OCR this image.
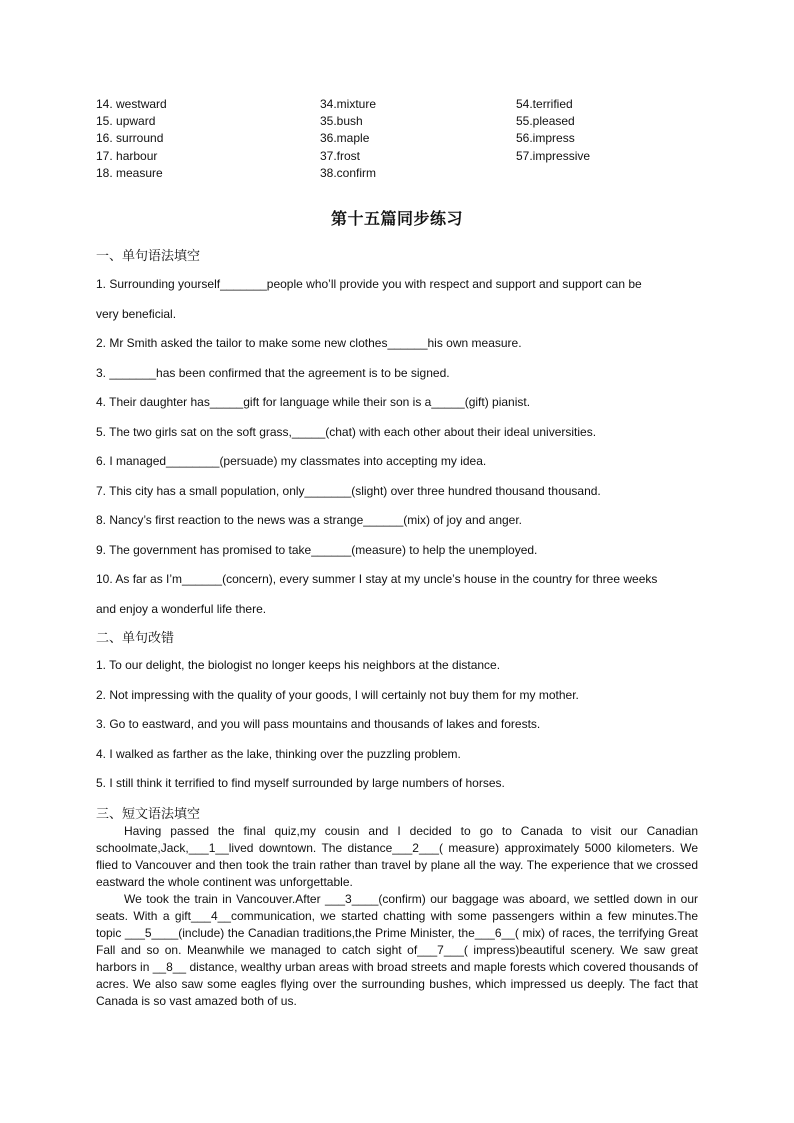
14. westward
15. upward
16. surround
17. harbour
18. measure
34.mixture
35.bush
36.maple
37.frost
38.confirm
54.terrified
55.pleased
56.impress
57.impressive
第十五篇同步练习
一、单句语法填空
1. Surrounding yourself_______people who’ll provide you with respect and support and support can be
very beneficial.
2. Mr Smith asked the tailor to make some new clothes______his own measure.
3. _______has been confirmed that the agreement is to be signed.
4. Their daughter has_____gift for language while their son is a_____(gift) pianist.
5. The two girls sat on the soft grass,_____(chat) with each other about their ideal universities.
6. I managed________(persuade) my classmates into accepting my idea.
7. This city has a small population, only_______(slight) over three hundred thousand thousand.
8. Nancy’s first reaction to the news was a strange______(mix) of joy and anger.
9. The government has promised to take______(measure) to help the unemployed.
10. As far as I’m______(concern), every summer I stay at my uncle’s house in the country for three weeks
and enjoy a wonderful life there.
二、单句改错
1. To our delight, the biologist no longer keeps his neighbors at the distance.
2. Not impressing with the quality of your goods, I will certainly not buy them for my mother.
3. Go to eastward, and you will pass mountains and thousands of lakes and forests.
4. I walked as farther as the lake, thinking over the puzzling problem.
5. I still think it terrified to find myself surrounded by large numbers of horses.
三、短文语法填空

Having passed the final quiz,my cousin and I decided to go to Canada to visit our Canadian schoolmate,Jack,___1__lived downtown. The distance___2___( measure) approximately 5000 kilometers. We flied to Vancouver and then took the train rather than travel by plane all the way. The experience that we crossed eastward the whole continent was unforgettable.

We took the train in Vancouver.After ___3____(confirm) our baggage was aboard, we settled down in our seats. With a gift___4__communication, we started chatting with some passengers within a few minutes.The topic ___5____(include) the Canadian traditions,the Prime Minister, the___6__( mix) of races, the terrifying Great Fall and so on. Meanwhile we managed to catch sight of___7___( impress)beautiful scenery. We saw great harbors in __8__ distance, wealthy urban areas with broad streets and maple forests which covered thousands of acres. We also saw some eagles flying over the surrounding bushes, which impressed us deeply. The fact that Canada is so vast amazed both of us.
